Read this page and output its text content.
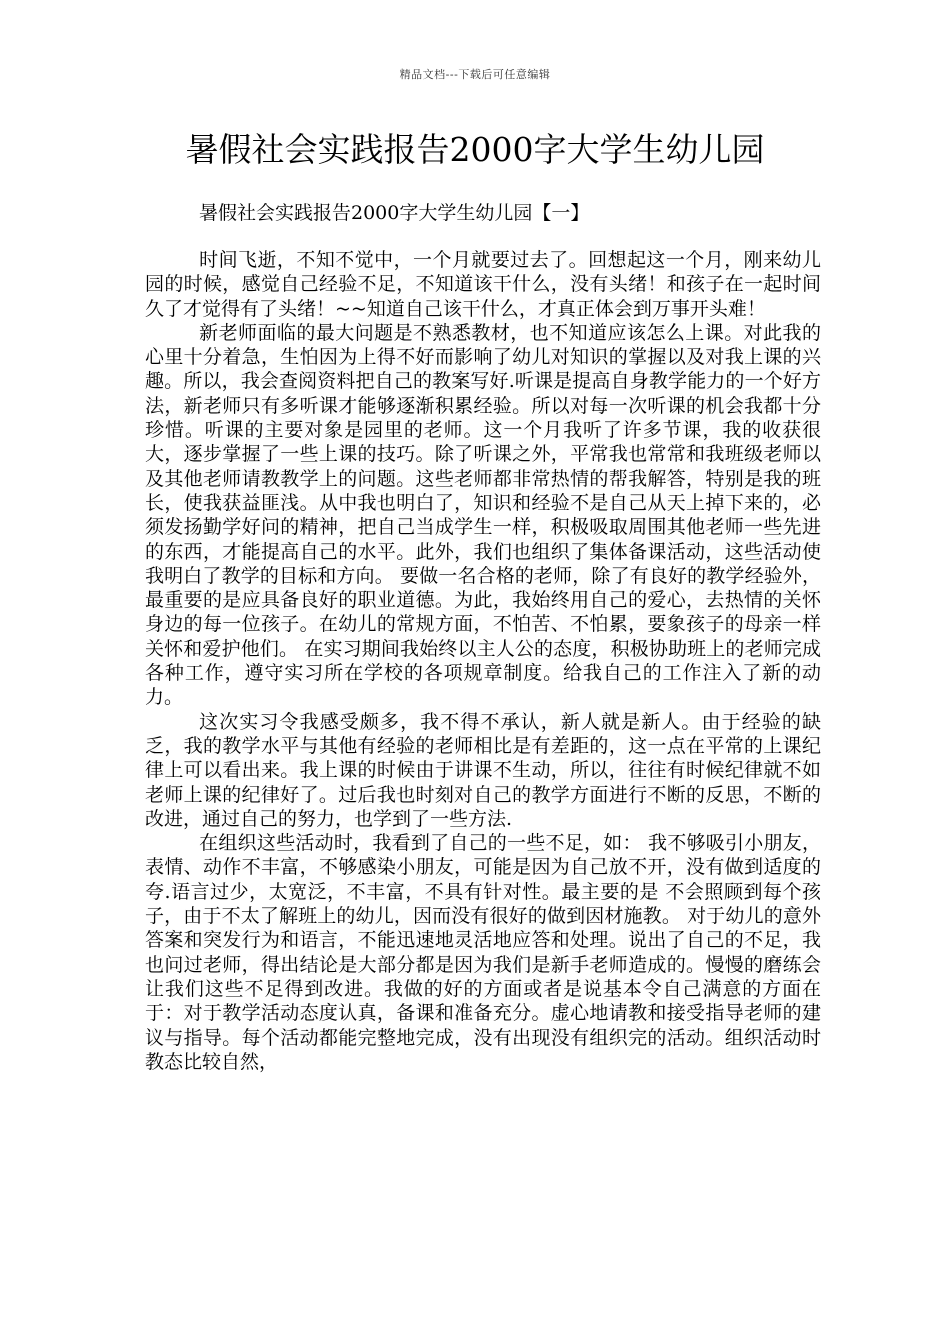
精品文档---下载后可任意编辑
暑假社会实践报告2000字大学生幼儿园

暑假社会实践报告2000字大学生幼儿园【一】

时间飞逝，不知不觉中，一个月就要过去了。回想起这一个月，刚来幼儿园的时候，感觉自己经验不足，不知道该干什么，没有头绪！和孩子在一起时间久了才觉得有了头绪！~~知道自己该干什么，才真正体会到万事开头难！

新老师面临的最大问题是不熟悉教材，也不知道应该怎么上课。对此我的心里十分着急，生怕因为上得不好而影响了幼儿对知识的掌握以及对我上课的兴趣。所以，我会查阅资料把自己的教案写好.听课是提高自身教学能力的一个好方法，新老师只有多听课才能够逐渐积累经验。所以对每一次听课的机会我都十分珍惜。听课的主要对象是园里的老师。这一个月我听了许多节课，我的收获很大，逐步掌握了一些上课的技巧。除了听课之外，平常我也常常和我班级老师以及其他老师请教教学上的问题。这些老师都非常热情的帮我解答，特别是我的班长，使我获益匪浅。从中我也明白了，知识和经验不是自己从天上掉下来的，必须发扬勤学好问的精神，把自己当成学生一样，积极吸取周围其他老师一些先进的东西，才能提高自己的水平。此外，我们也组织了集体备课活动，这些活动使我明白了教学的目标和方向。 要做一名合格的老师，除了有良好的教学经验外，最重要的是应具备良好的职业道德。为此，我始终用自己的爱心，去热情的关怀身边的每一位孩子。在幼儿的常规方面，不怕苦、不怕累，要象孩子的母亲一样关怀和爱护他们。 在实习期间我始终以主人公的态度，积极协助班上的老师完成各种工作，遵守实习所在学校的各项规章制度。给我自己的工作注入了新的动力。

这次实习令我感受颇多，我不得不承认，新人就是新人。由于经验的缺乏，我的教学水平与其他有经验的老师相比是有差距的，这一点在平常的上课纪律上可以看出来。我上课的时候由于讲课不生动，所以，往往有时候纪律就不如老师上课的纪律好了。过后我也时刻对自己的教学方面进行不断的反思，不断的改进，通过自己的努力，也学到了一些方法.

在组织这些活动时，我看到了自己的一些不足，如： 我不够吸引小朋友，表情、动作不丰富，不够感染小朋友，可能是因为自己放不开，没有做到适度的夸.语言过少，太宽泛，不丰富，不具有针对性。最主要的是 不会照顾到每个孩子，由于不太了解班上的幼儿，因而没有很好的做到因材施教。 对于幼儿的意外答案和突发行为和语言，不能迅速地灵活地应答和处理。说出了自己的不足，我也问过老师，得出结论是大部分都是因为我们是新手老师造成的。慢慢的磨练会让我们这些不足得到改进。我做的好的方面或者是说基本令自己满意的方面在于：对于教学活动态度认真，备课和准备充分。虚心地请教和接受指导老师的建议与指导。每个活动都能完整地完成，没有出现没有组织完的活动。组织活动时教态比较自然，
